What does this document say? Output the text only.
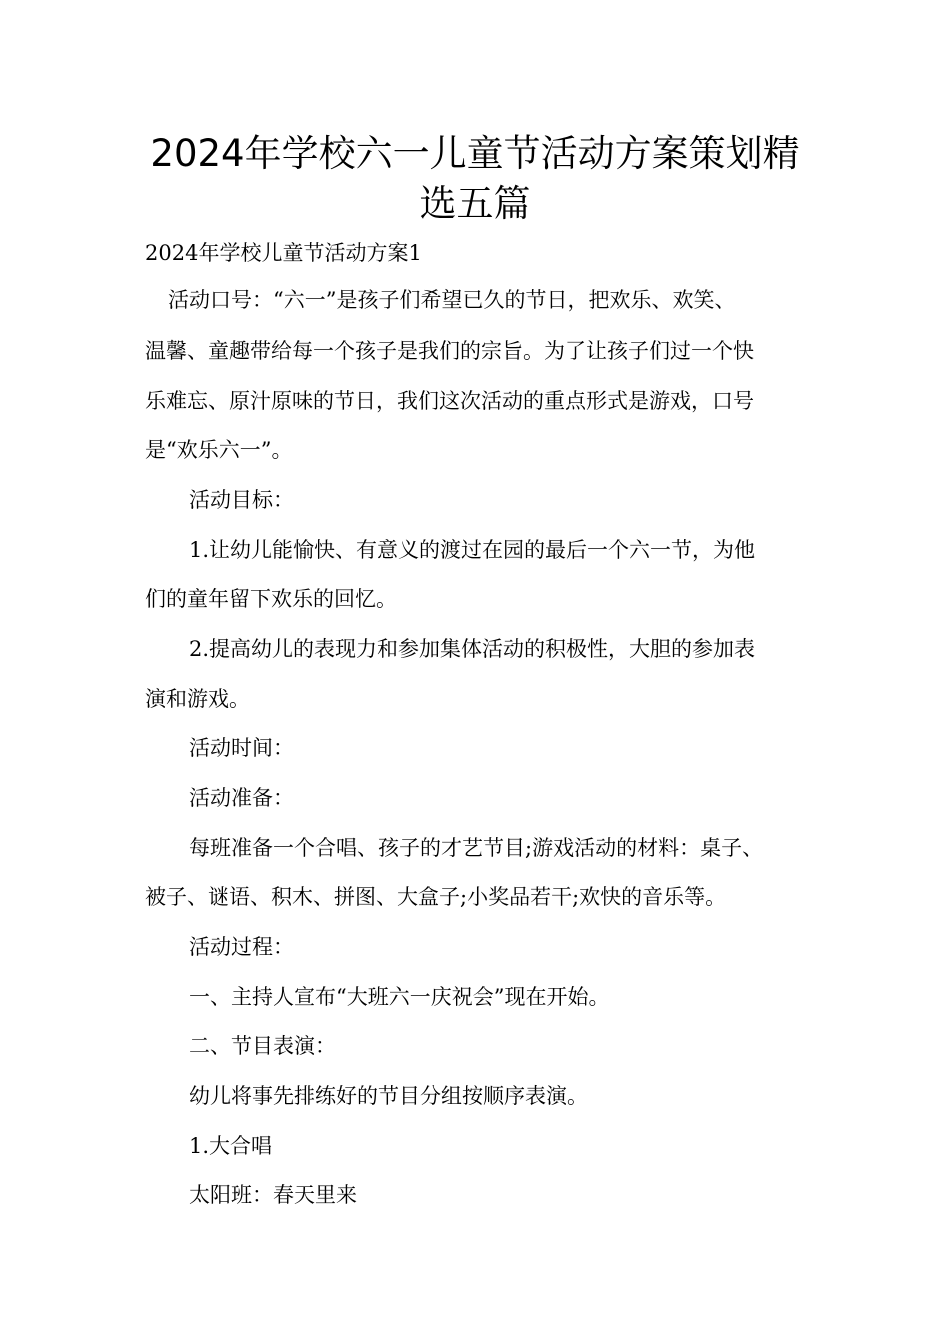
2024年学校六一儿童节活动方案策划精
选五篇

2024年学校儿童节活动方案1

活动口号：“六一”是孩子们希望已久的节日，把欢乐、欢笑、

温馨、童趣带给每一个孩子是我们的宗旨。为了让孩子们过一个快

乐难忘、原汁原味的节日，我们这次活动的重点形式是游戏，口号

是“欢乐六一”。

活动目标：

1.让幼儿能愉快、有意义的渡过在园的最后一个六一节，为他

们的童年留下欢乐的回忆。

2.提高幼儿的表现力和参加集体活动的积极性，大胆的参加表

演和游戏。

活动时间：

活动准备：

每班准备一个合唱、孩子的才艺节目;游戏活动的材料：桌子、

被子、谜语、积木、拼图、大盒子;小奖品若干;欢快的音乐等。

活动过程：

一、主持人宣布“大班六一庆祝会”现在开始。

二、节目表演：

幼儿将事先排练好的节目分组按顺序表演。

1.大合唱

太阳班：春天里来
